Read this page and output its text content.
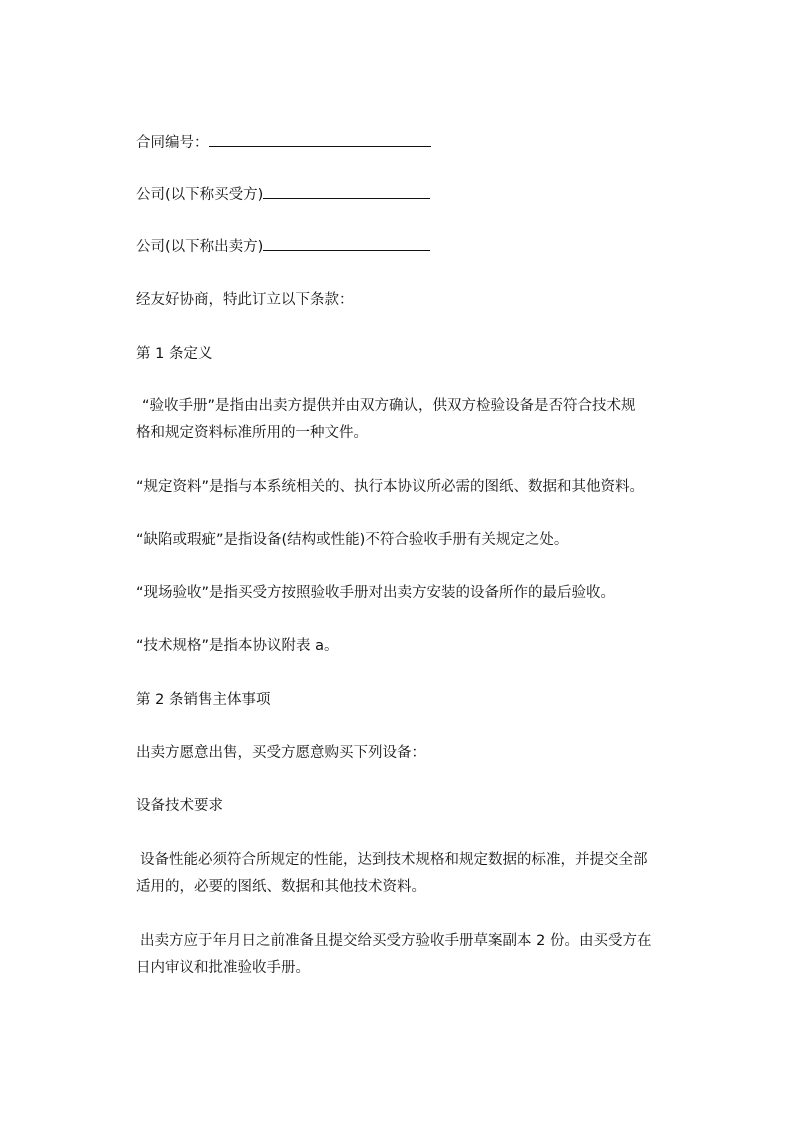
合同编号：
公司(以下称买受方)
公司(以下称出卖方)
经友好协商，特此订立以下条款：
第 1 条定义
“验收手册”是指由出卖方提供并由双方确认，供双方检验设备是否符合技术规
格和规定资料标准所用的一种文件。
“规定资料”是指与本系统相关的、执行本协议所必需的图纸、数据和其他资料。
“缺陷或瑕疵”是指设备(结构或性能)不符合验收手册有关规定之处。
“现场验收”是指买受方按照验收手册对出卖方安装的设备所作的最后验收。
“技术规格”是指本协议附表 a。
第 2 条销售主体事项
出卖方愿意出售，买受方愿意购买下列设备：
设备技术要求
设备性能必须符合所规定的性能，达到技术规格和规定数据的标准，并提交全部
适用的，必要的图纸、数据和其他技术资料。
出卖方应于年月日之前准备且提交给买受方验收手册草案副本 2 份。由买受方在
日内审议和批准验收手册。
